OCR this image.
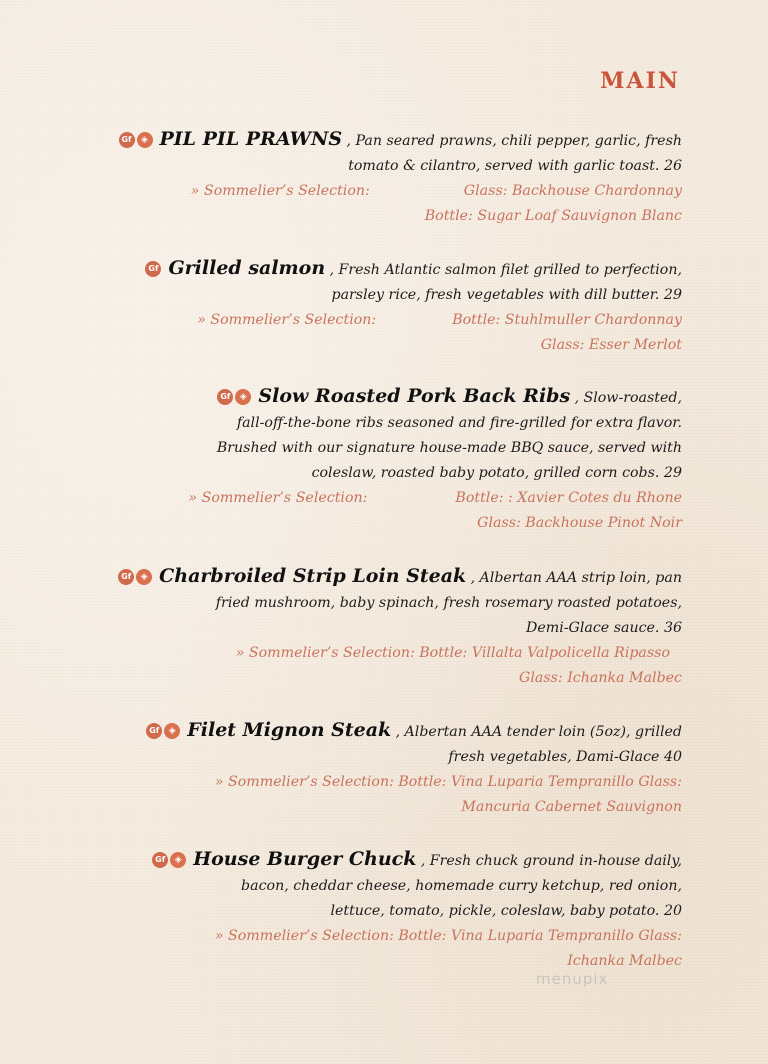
MAIN
Gf ◈ PIL PIL PRAWNS , Pan seared prawns, chili pepper, garlic, fresh
tomato & cilantro, served with garlic toast. 26
» Sommelier’s Selection:	Glass: Backhouse Chardonnay
Bottle: Sugar Loaf Sauvignon Blanc
Gf Grilled salmon , Fresh Atlantic salmon filet grilled to perfection,
parsley rice, fresh vegetables with dill butter. 29
» Sommelier’s Selection:	Bottle: Stuhlmuller Chardonnay
Glass: Esser Merlot
Gf ◈ Slow Roasted Pork Back Ribs , Slow-roasted,
fall-off-the-bone ribs seasoned and fire-grilled for extra flavor.
Brushed with our signature house-made BBQ sauce, served with
coleslaw, roasted baby potato, grilled corn cobs. 29
» Sommelier’s Selection:	Bottle: : Xavier Cotes du Rhone
Glass: Backhouse Pinot Noir
Gf ◈ Charbroiled Strip Loin Steak , Albertan AAA strip loin, pan
fried mushroom, baby spinach, fresh rosemary roasted potatoes,
Demi-Glace sauce. 36
» Sommelier’s Selection: Bottle: Villalta Valpolicella Ripasso
Glass: Ichanka Malbec
Gf ◈ Filet Mignon Steak , Albertan AAA tender loin (5oz), grilled
fresh vegetables, Dami-Glace 40
» Sommelier’s Selection: Bottle: Vina Luparia Tempranillo Glass:
Mancuria Cabernet Sauvignon
Gf ◈ House Burger Chuck , Fresh chuck ground in-house daily,
bacon, cheddar cheese, homemade curry ketchup, red onion,
lettuce, tomato, pickle, coleslaw, baby potato. 20
» Sommelier’s Selection: Bottle: Vina Luparia Tempranillo Glass:
Ichanka Malbec
menupix
